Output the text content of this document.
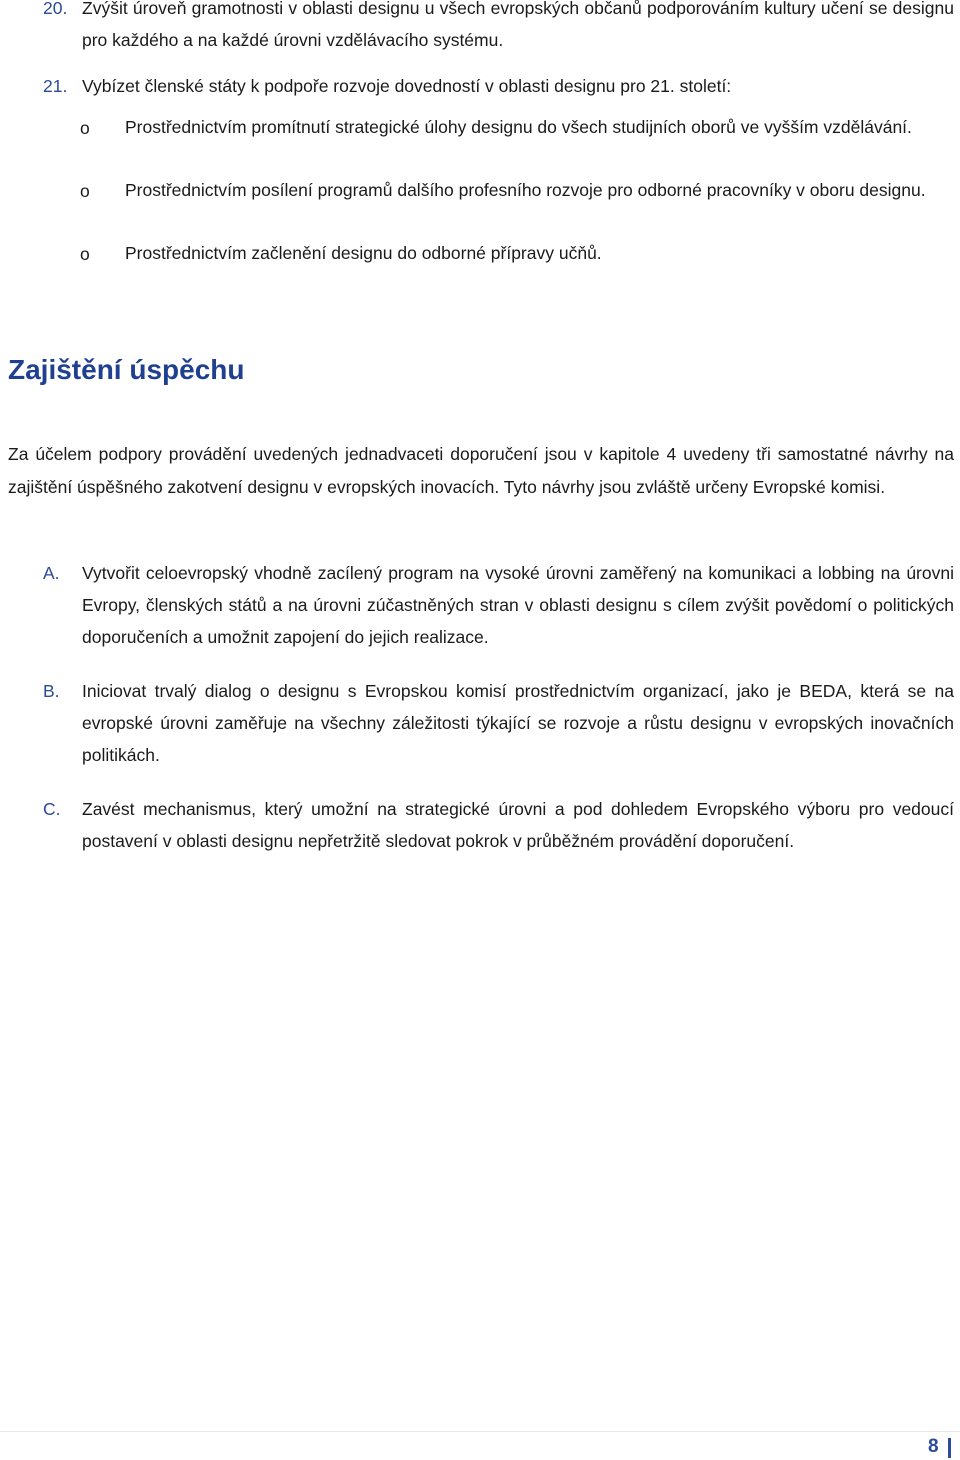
20. Zvýšit úroveň gramotnosti v oblasti designu u všech evropských občanů podporováním kultury učení se designu pro každého a na každé úrovni vzdělávacího systému.
21. Vybízet členské státy k podpoře rozvoje dovedností v oblasti designu pro 21. století:
o Prostřednictvím promítnutí strategické úlohy designu do všech studijních oborů ve vyšším vzdělávání.
o Prostřednictvím posílení programů dalšího profesního rozvoje pro odborné pracovníky v oboru designu.
o Prostřednictvím začlenění designu do odborné přípravy učňů.
Zajištění úspěchu

Za účelem podpory provádění uvedených jednadvaceti doporučení jsou v kapitole 4 uvedeny tři samostatné návrhy na zajištění úspěšného zakotvení designu v evropských inovacích. Tyto návrhy jsou zvláště určeny Evropské komisi.

A. Vytvořit celoevropský vhodně zacílený program na vysoké úrovni zaměřený na komunikaci a lobbing na úrovni Evropy, členských států a na úrovni zúčastněných stran v oblasti designu s cílem zvýšit povědomí o politických doporučeních a umožnit zapojení do jejich realizace.
B. Iniciovat trvalý dialog o designu s Evropskou komisí prostřednictvím organizací, jako je BEDA, která se na evropské úrovni zaměřuje na všechny záležitosti týkající se rozvoje a růstu designu v evropských inovačních politikách.
C. Zavést mechanismus, který umožní na strategické úrovni a pod dohledem Evropského výboru pro vedoucí postavení v oblasti designu nepřetržitě sledovat pokrok v průběžném provádění doporučení.
8
